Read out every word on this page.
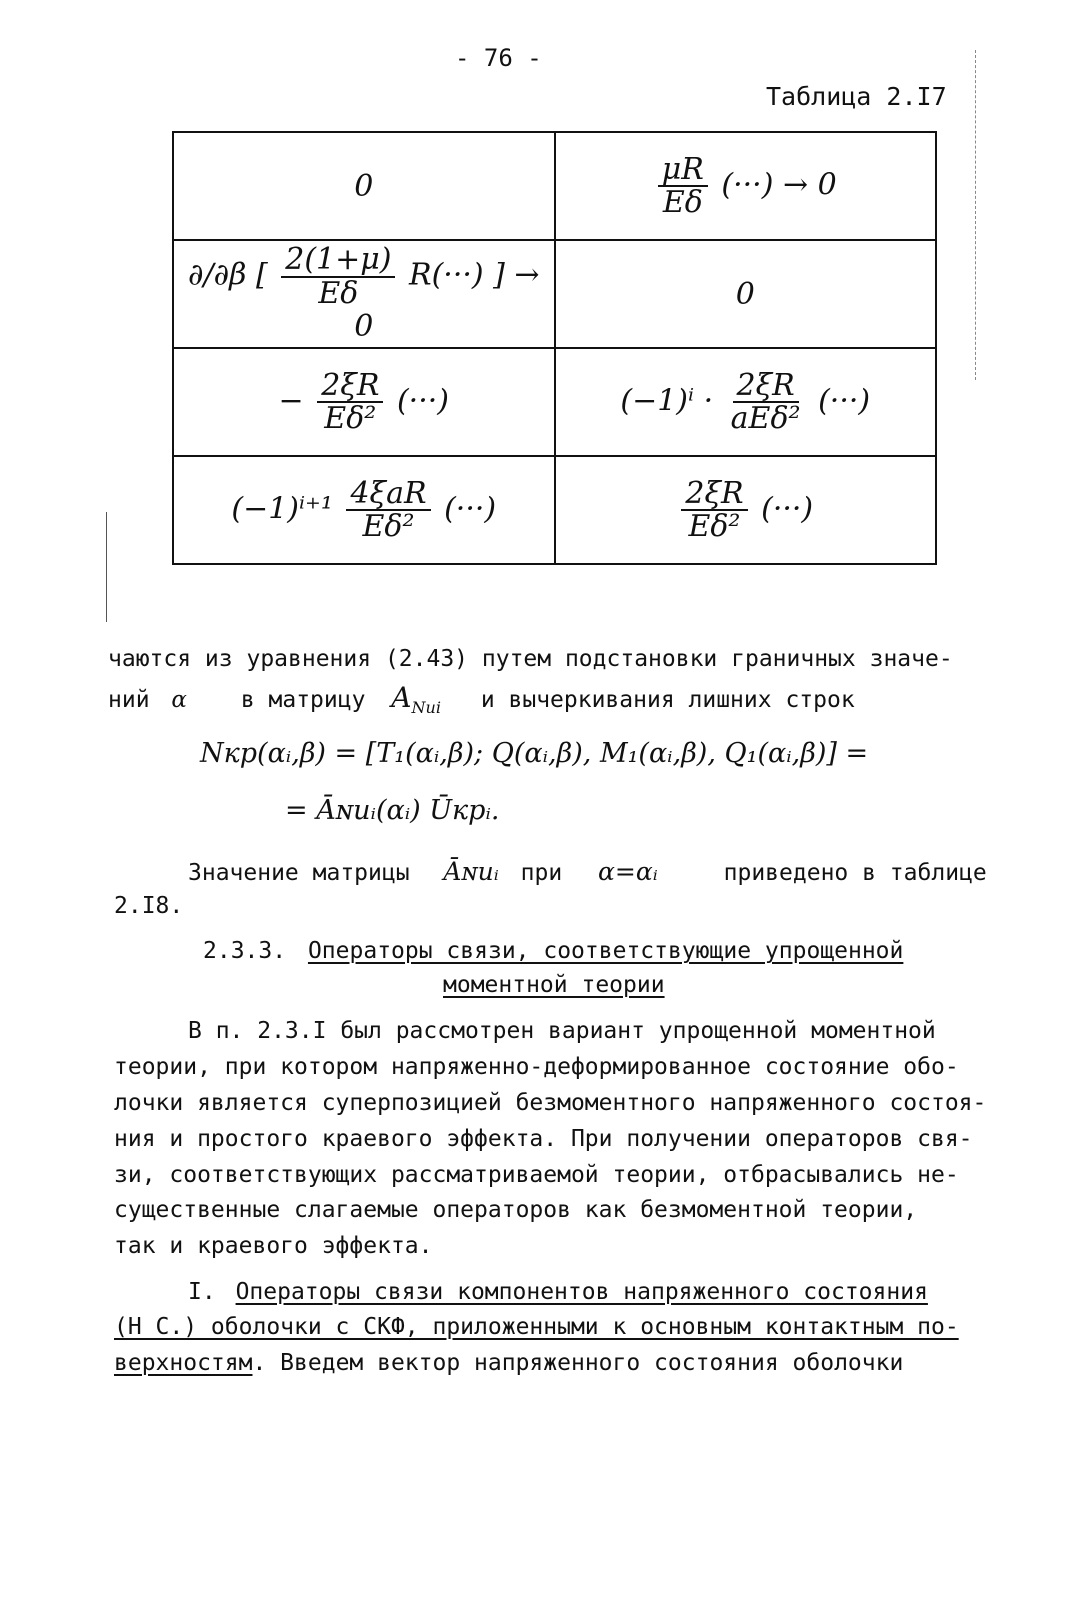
- 76 -
Таблица 2.I7
0	$\frac{\mu R}{E\delta}$ (···) → 0
∂/∂β [ $\frac{2(1+\mu)}{E\delta} R(\cdot\cdot\cdot)$ ] → 0	0
− $\frac{2\xi R}{\text{Eδ²}}$ (···)	$(-1)^i \cdot \frac{2\xi R}{\text{aEδ²}}$ (···)
$(-1)^{i+1} \frac{\text{4ξaR}}{\text{Eδ²}}$ (···)	$\frac{2\xi R}{\text{Eδ²}}$ (···)
чаются из уравнения (2.43) путем подстановки граничных значе-
ний α в матрицу $A_{Nui}$ и вычеркивания лишних строк
Nкр(αᵢ,β) = [T₁(αᵢ,β); Q(αᵢ,β), M₁(αᵢ,β), Q₁(αᵢ,β)] =
= Āɴuᵢ(αᵢ) Ūкрᵢ.
Значение матрицы Āɴuᵢ при α=αᵢ	приведено в таблице
2.I8.
2.3.3. Операторы связи, соответствующие упрощенной
моментной теории
В п. 2.3.I был рассмотрен вариант упрощенной моментной
теории, при котором напряженно-деформированное состояние обо-
лочки является суперпозицией безмоментного напряженного состоя-
ния и простого краевого эффекта. При получении операторов свя-
зи, соответствующих рассматриваемой теории, отбрасывались не-
существенные слагаемые операторов как безмоментной теории,
так и краевого эффекта.
I. Операторы связи компонентов напряженного состояния
(Н С.) оболочки с СКФ, приложенными к основным контактным по-
верхностям. Введем вектор напряженного состояния оболочки
